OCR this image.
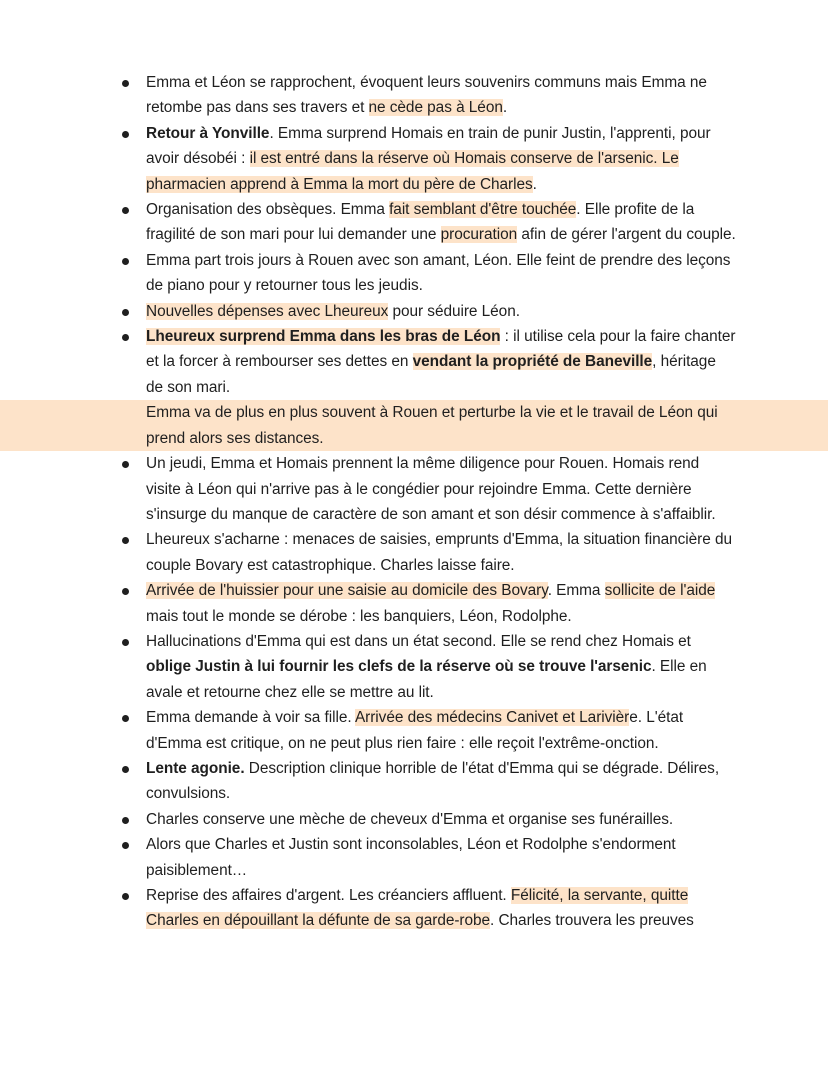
Emma et Léon se rapprochent, évoquent leurs souvenirs communs mais Emma ne retombe pas dans ses travers et ne cède pas à Léon.
Retour à Yonville. Emma surprend Homais en train de punir Justin, l'apprenti, pour avoir désobéi : il est entré dans la réserve où Homais conserve de l'arsenic. Le pharmacien apprend à Emma la mort du père de Charles.
Organisation des obsèques. Emma fait semblant d'être touchée. Elle profite de la fragilité de son mari pour lui demander une procuration afin de gérer l'argent du couple.
Emma part trois jours à Rouen avec son amant, Léon. Elle feint de prendre des leçons de piano pour y retourner tous les jeudis.
Nouvelles dépenses avec Lheureux pour séduire Léon.
Lheureux surprend Emma dans les bras de Léon : il utilise cela pour la faire chanter et la forcer à rembourser ses dettes en vendant la propriété de Baneville, héritage de son mari.
Emma va de plus en plus souvent à Rouen et perturbe la vie et le travail de Léon qui prend alors ses distances.
Un jeudi, Emma et Homais prennent la même diligence pour Rouen. Homais rend visite à Léon qui n'arrive pas à le congédier pour rejoindre Emma. Cette dernière s'insurge du manque de caractère de son amant et son désir commence à s'affaiblir.
Lheureux s'acharne : menaces de saisies, emprunts d'Emma, la situation financière du couple Bovary est catastrophique. Charles laisse faire.
Arrivée de l'huissier pour une saisie au domicile des Bovary. Emma sollicite de l'aide mais tout le monde se dérobe : les banquiers, Léon, Rodolphe.
Hallucinations d'Emma qui est dans un état second. Elle se rend chez Homais et oblige Justin à lui fournir les clefs de la réserve où se trouve l'arsenic. Elle en avale et retourne chez elle se mettre au lit.
Emma demande à voir sa fille. Arrivée des médecins Canivet et Larivière. L'état d'Emma est critique, on ne peut plus rien faire : elle reçoit l'extrême-onction.
Lente agonie. Description clinique horrible de l'état d'Emma qui se dégrade. Délires, convulsions.
Charles conserve une mèche de cheveux d'Emma et organise ses funérailles.
Alors que Charles et Justin sont inconsolables, Léon et Rodolphe s'endorment paisiblement…
Reprise des affaires d'argent. Les créanciers affluent. Félicité, la servante, quitte Charles en dépouillant la défunte de sa garde-robe. Charles trouvera les preuves
